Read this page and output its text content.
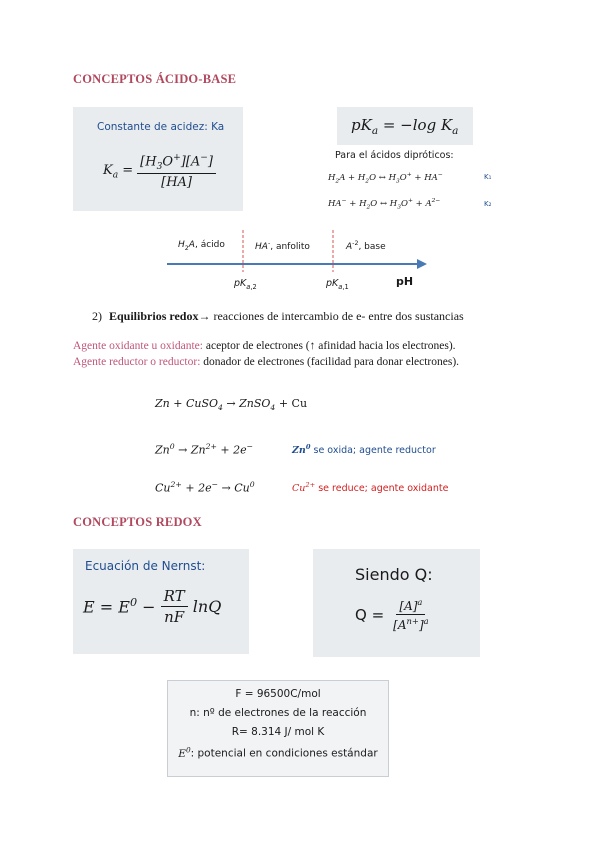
CONCEPTOS ÁCIDO-BASE
Constante de acidez: Ka
$K_a = \frac{[H_3O^+][A^-]}{[HA]}$
$pK_a = -\log$ $K_a$
Para el ácidos dipróticos:
$H_2A + H_2O$ ↔ $H_3O^+ + HA^-$	K₁
$HA^- + H_2O$ ↔ $H_3O^+ + A^{2-}$	K₂
$H_2A$, ácido	HA-, anfolito	$A^{-2}$, base
$pK_{a,2}$	$pK_{a,1}$	pH
2) Equilibrios redox→ reacciones de intercambio de e- entre dos sustancias
Agente oxidante u oxidante: aceptor de electrones (↑ afinidad hacia los electrones).
Agente reductor o reductor: donador de electrones (facilidad para donar electrones).
Zn + CuSO$_4$ → ZnSO$_4$ + Cu
$Zn^0 \to Zn^{2+} + 2e^-$	Zn$^0$ se oxida; agente reductor
$Cu^{2+} + 2e^- \to Cu^0$	$Cu^{2+}$ se reduce; agente oxidante
CONCEPTOS REDOX
Ecuación de Nernst:
$E = E^0 - \frac{RT}{nF}$ lnQ
Siendo Q:
$Q = \frac{[A]^a}{[A^{n+}]^a}$
F = 96500C/mol
n: nº de electrones de la reacción
R= 8.314 J/ mol K
$E^0$: potencial en condiciones estándar
